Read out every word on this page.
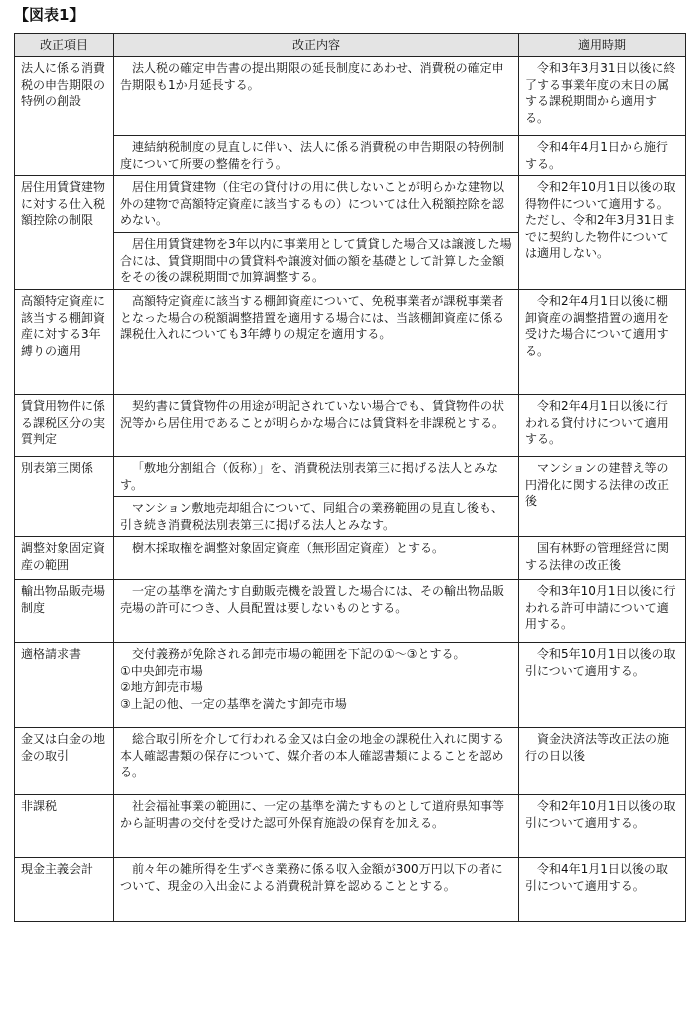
【図表1】
改正項目	改正内容	適用時期
法人に係る消費税の申告期限の特例の創設	法人税の確定申告書の提出期限の延長制度にあわせ、消費税の確定申告期限も1か月延長する。	令和3年3月31日以後に終了する事業年度の末日の属する課税期間から適用する。

	連結納税制度の見直しに伴い、法人に係る消費税の申告期限の特例制度について所要の整備を行う。	令和4年4月1日から施行する。

居住用賃貸建物に対する仕入税額控除の制限	居住用賃貸建物（住宅の貸付けの用に供しないことが明らかな建物以外の建物で高額特定資産に該当するもの）については仕入税額控除を認めない。	令和2年10月1日以後の取得物件について適用する。ただし、令和2年3月31日までに契約した物件については適用しない。

	居住用賃貸建物を3年以内に事業用として賃貸した場合又は譲渡した場合には、賃貸期間中の賃貸料や譲渡対価の額を基礎として計算した金額をその後の課税期間で加算調整する。	

高額特定資産に該当する棚卸資産に対する3年縛りの適用	高額特定資産に該当する棚卸資産について、免税事業者が課税事業者となった場合の税額調整措置を適用する場合には、当該棚卸資産に係る課税仕入れについても3年縛りの規定を適用する。	令和2年4月1日以後に棚卸資産の調整措置の適用を受けた場合について適用する。

賃貸用物件に係る課税区分の実質判定	契約書に賃貸物件の用途が明記されていない場合でも、賃貸物件の状況等から居住用であることが明らかな場合には賃貸料を非課税とする。	令和2年4月1日以後に行われる貸付けについて適用する。

別表第三関係	「敷地分割組合（仮称）」を、消費税法別表第三に掲げる法人とみなす。	マンションの建替え等の円滑化に関する法律の改正後

	マンション敷地売却組合について、同組合の業務範囲の見直し後も、引き続き消費税法別表第三に掲げる法人とみなす。	

調整対象固定資産の範囲	樹木採取権を調整対象固定資産（無形固定資産）とする。	国有林野の管理経営に関する法律の改正後

輸出物品販売場制度	一定の基準を満たす自動販売機を設置した場合には、その輸出物品販売場の許可につき、人員配置は要しないものとする。	令和3年10月1日以後に行われる許可申請について適用する。

適格請求書	交付義務が免除される卸売市場の範囲を下記の①～③とする。
①中央卸売市場
②地方卸売市場
③上記の他、一定の基準を満たす卸売市場	令和5年10月1日以後の取引について適用する。

金又は白金の地金の取引	総合取引所を介して行われる金又は白金の地金の課税仕入れに関する本人確認書類の保存について、媒介者の本人確認書類によることを認める。	資金決済法等改正法の施行の日以後

非課税	社会福祉事業の範囲に、一定の基準を満たすものとして道府県知事等から証明書の交付を受けた認可外保育施設の保育を加える。	令和2年10月1日以後の取引について適用する。

現金主義会計	前々年の雑所得を生ずべき業務に係る収入金額が300万円以下の者について、現金の入出金による消費税計算を認めることとする。	令和4年1月1日以後の取引について適用する。
